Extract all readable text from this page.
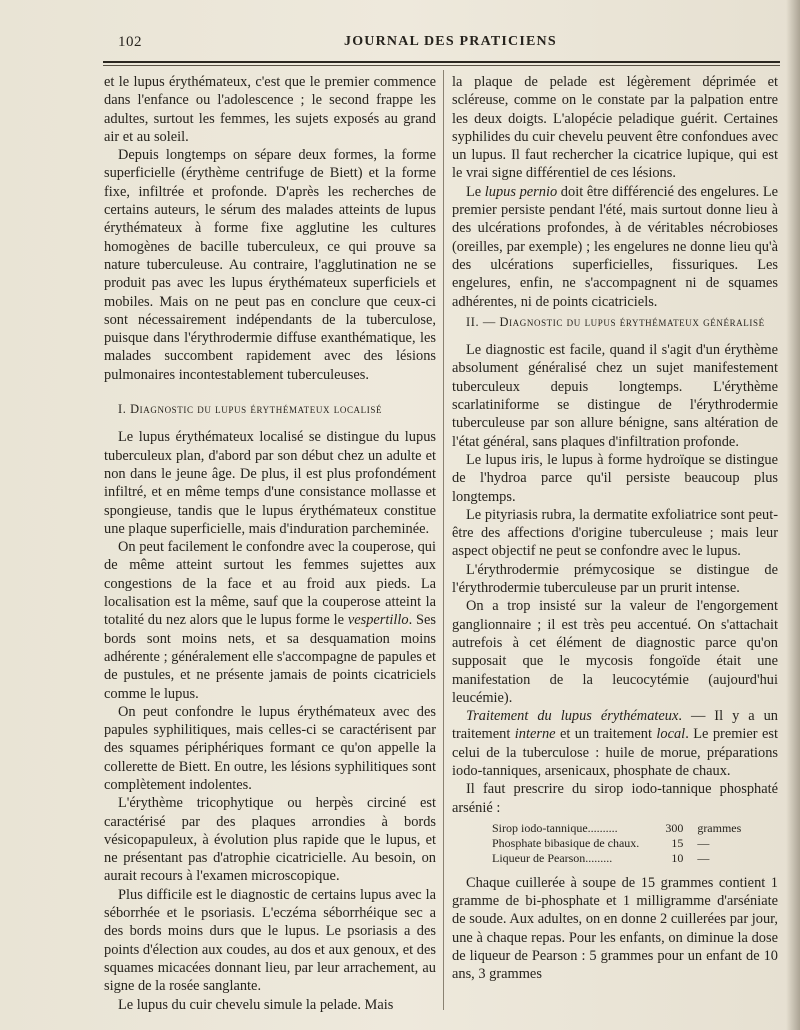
102	JOURNAL DES PRATICIENS

et le lupus érythémateux, c'est que le premier commence dans l'enfance ou l'adolescence ; le second frappe les adultes, surtout les femmes, les sujets exposés au grand air et au soleil.

Depuis longtemps on sépare deux formes, la forme superficielle (érythème centrifuge de Biett) et la forme fixe, infiltrée et profonde. D'après les recherches de certains auteurs, le sérum des malades atteints de lupus érythémateux à forme fixe agglutine les cultures homogènes de bacille tuberculeux, ce qui prouve sa nature tuberculeuse. Au contraire, l'agglutination ne se produit pas avec les lupus érythémateux superficiels et mobiles. Mais on ne peut pas en conclure que ceux-ci sont nécessairement indépendants de la tuberculose, puisque dans l'érythrodermie diffuse exanthématique, les malades succombent rapidement avec des lésions pulmonaires incontestablement tuberculeuses.

I. Diagnostic du lupus érythémateux localisé

Le lupus érythémateux localisé se distingue du lupus tuberculeux plan, d'abord par son début chez un adulte et non dans le jeune âge. De plus, il est plus profondément infiltré, et en même temps d'une consistance mollasse et spongieuse, tandis que le lupus érythémateux constitue une plaque superficielle, mais d'induration parcheminée.

On peut facilement le confondre avec la couperose, qui de même atteint surtout les femmes sujettes aux congestions de la face et au froid aux pieds. La localisation est la même, sauf que la couperose atteint la totalité du nez alors que le lupus forme le vespertillo. Ses bords sont moins nets, et sa desquamation moins adhérente ; généralement elle s'accompagne de papules et de pustules, et ne présente jamais de points cicatriciels comme le lupus.

On peut confondre le lupus érythémateux avec des papules syphilitiques, mais celles-ci se caractérisent par des squames périphériques formant ce qu'on appelle la collerette de Biett. En outre, les lésions syphilitiques sont complètement indolentes.

L'érythème tricophytique ou herpès circiné est caractérisé par des plaques arrondies à bords vésicopapuleux, à évolution plus rapide que le lupus, et ne présentant pas d'atrophie cicatricielle. Au besoin, on aurait recours à l'examen microscopique.

Plus difficile est le diagnostic de certains lupus avec la séborrhée et le psoriasis. L'eczéma séborrhéique sec a des bords moins durs que le lupus. Le psoriasis a des points d'élection aux coudes, au dos et aux genoux, et des squames micacées donnant lieu, par leur arrachement, au signe de la rosée sanglante.

Le lupus du cuir chevelu simule la pelade. Mais

la plaque de pelade est légèrement déprimée et scléreuse, comme on le constate par la palpation entre les deux doigts. L'alopécie peladique guérit. Certaines syphilides du cuir chevelu peuvent être confondues avec un lupus. Il faut rechercher la cicatrice lupique, qui est le vrai signe différentiel de ces lésions.

Le lupus pernio doit être différencié des engelures. Le premier persiste pendant l'été, mais surtout donne lieu à des ulcérations profondes, à de véritables nécrobioses (oreilles, par exemple) ; les engelures ne donne lieu qu'à des ulcérations superficielles, fissuriques. Les engelures, enfin, ne s'accompagnent ni de squames adhérentes, ni de points cicatriciels.

II. — Diagnostic du lupus érythémateux généralisé

Le diagnostic est facile, quand il s'agit d'un érythème absolument généralisé chez un sujet manifestement tuberculeux depuis longtemps. L'érythème scarlatiniforme se distingue de l'érythrodermie tuberculeuse par son allure bénigne, sans altération de l'état général, sans plaques d'infiltration profonde.

Le lupus iris, le lupus à forme hydroïque se distingue de l'hydroa parce qu'il persiste beaucoup plus longtemps.

Le pityriasis rubra, la dermatite exfoliatrice sont peut-être des affections d'origine tuberculeuse ; mais leur aspect objectif ne peut se confondre avec le lupus.

L'érythrodermie prémycosique se distingue de l'érythrodermie tuberculeuse par un prurit intense.

On a trop insisté sur la valeur de l'engorgement ganglionnaire ; il est très peu accentué. On s'attachait autrefois à cet élément de diagnostic parce qu'on supposait que le mycosis fongoïde était une manifestation de la leucocytémie (aujourd'hui leucémie).

Traitement du lupus érythémateux. — Il y a un traitement interne et un traitement local. Le premier est celui de la tuberculose : huile de morue, préparations iodo-tanniques, arsenicaux, phosphate de chaux.

Il faut prescrire du sirop iodo-tannique phosphaté arsénié :

Sirop iodo-tannique..........	300	grammes
Phosphate bibasique de chaux.	15	—
Liqueur de Pearson.........	10	—

Chaque cuillerée à soupe de 15 grammes contient 1 gramme de bi-phosphate et 1 milligramme d'arséniate de soude. Aux adultes, on en donne 2 cuillerées par jour, une à chaque repas. Pour les enfants, on diminue la dose de liqueur de Pearson : 5 grammes pour un enfant de 10 ans, 3 grammes
